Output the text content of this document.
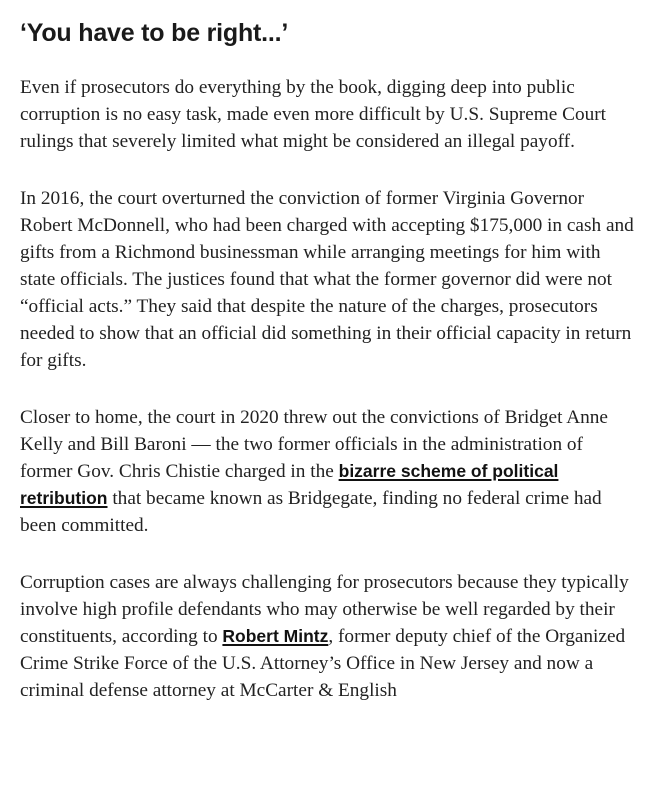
‘You have to be right...’

Even if prosecutors do everything by the book, digging deep into public corruption is no easy task, made even more difficult by U.S. Supreme Court rulings that severely limited what might be considered an illegal payoff.

In 2016, the court overturned the conviction of former Virginia Governor Robert McDonnell, who had been charged with accepting $175,000 in cash and gifts from a Richmond businessman while arranging meetings for him with state officials. The justices found that what the former governor did were not “official acts.” They said that despite the nature of the charges, prosecutors needed to show that an official did something in their official capacity in return for gifts.

Closer to home, the court in 2020 threw out the convictions of Bridget Anne Kelly and Bill Baroni — the two former officials in the administration of former Gov. Chris Chistie charged in the bizarre scheme of political retribution that became known as Bridgegate, finding no federal crime had been committed.

Corruption cases are always challenging for prosecutors because they typically involve high profile defendants who may otherwise be well regarded by their constituents, according to Robert Mintz, former deputy chief of the Organized Crime Strike Force of the U.S. Attorney’s Office in New Jersey and now a criminal defense attorney at McCarter & English
